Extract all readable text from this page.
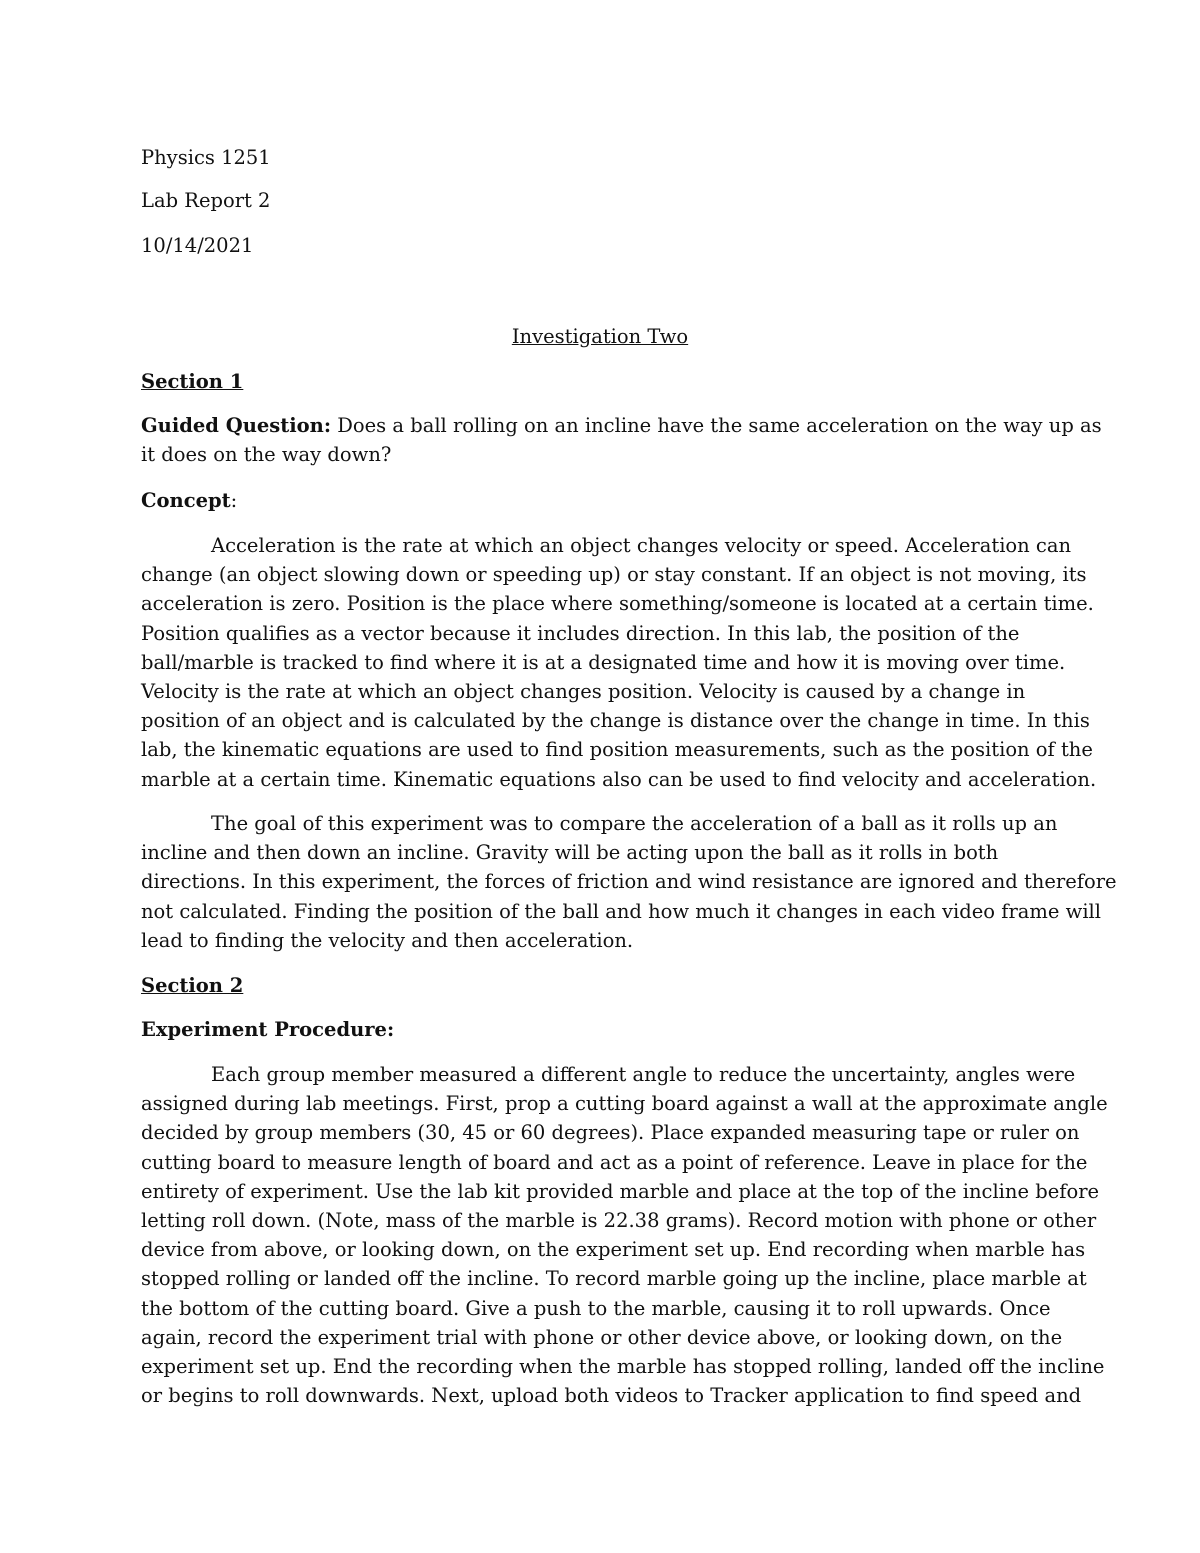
Physics 1251
Lab Report 2
10/14/2021
Investigation Two
Section 1
Guided Question: Does a ball rolling on an incline have the same acceleration on the way up as
it does on the way down?
Concept:

Acceleration is the rate at which an object changes velocity or speed. Acceleration can
change (an object slowing down or speeding up) or stay constant. If an object is not moving, its
acceleration is zero. Position is the place where something/someone is located at a certain time.
Position qualifies as a vector because it includes direction. In this lab, the position of the
ball/marble is tracked to find where it is at a designated time and how it is moving over time.
Velocity is the rate at which an object changes position. Velocity is caused by a change in
position of an object and is calculated by the change is distance over the change in time. In this
lab, the kinematic equations are used to find position measurements, such as the position of the
marble at a certain time. Kinematic equations also can be used to find velocity and acceleration.

The goal of this experiment was to compare the acceleration of a ball as it rolls up an
incline and then down an incline. Gravity will be acting upon the ball as it rolls in both
directions. In this experiment, the forces of friction and wind resistance are ignored and therefore
not calculated. Finding the position of the ball and how much it changes in each video frame will
lead to finding the velocity and then acceleration.

Section 2
Experiment Procedure:

Each group member measured a different angle to reduce the uncertainty, angles were
assigned during lab meetings. First, prop a cutting board against a wall at the approximate angle
decided by group members (30, 45 or 60 degrees). Place expanded measuring tape or ruler on
cutting board to measure length of board and act as a point of reference. Leave in place for the
entirety of experiment. Use the lab kit provided marble and place at the top of the incline before
letting roll down. (Note, mass of the marble is 22.38 grams). Record motion with phone or other
device from above, or looking down, on the experiment set up. End recording when marble has
stopped rolling or landed off the incline. To record marble going up the incline, place marble at
the bottom of the cutting board. Give a push to the marble, causing it to roll upwards. Once
again, record the experiment trial with phone or other device above, or looking down, on the
experiment set up. End the recording when the marble has stopped rolling, landed off the incline
or begins to roll downwards. Next, upload both videos to Tracker application to find speed and
